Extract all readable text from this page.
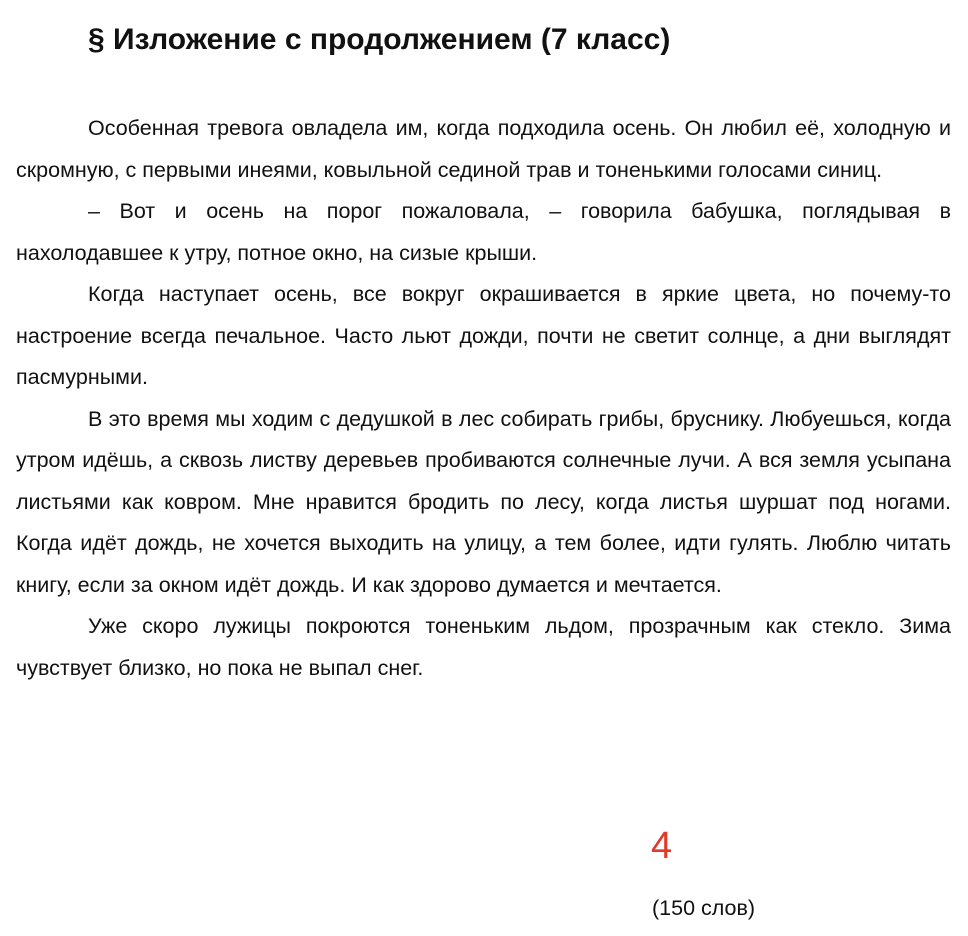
§ Изложение с продолжением (7 класс)

Особенная тревога овладела им, когда подходила осень. Он любил её, холодную и скромную, с первыми инеями, ковыльной сединой трав и тоненькими голосами синиц.

– Вот и осень на порог пожаловала, – говорила бабушка, поглядывая в нахолодавшее к утру, потное окно, на сизые крыши.

Когда наступает осень, все вокруг окрашивается в яркие цвета, но почему-то настроение всегда печальное. Часто льют дожди, почти не светит солнце, а дни выглядят пасмурными.

В это время мы ходим с дедушкой в лес собирать грибы, бруснику. Любуешься, когда утром идёшь, а сквозь листву деревьев пробиваются солнечные лучи. А вся земля усыпана листьями как ковром. Мне нравится бродить по лесу, когда листья шуршат под ногами. Когда идёт дождь, не хочется выходить на улицу, а тем более, идти гулять. Люблю читать книгу, если за окном идёт дождь. И как здорово думается и мечтается.

Уже скоро лужицы покроются тоненьким льдом, прозрачным как стекло. Зима чувствует близко, но пока не выпал снег.

4
(150 слов)
